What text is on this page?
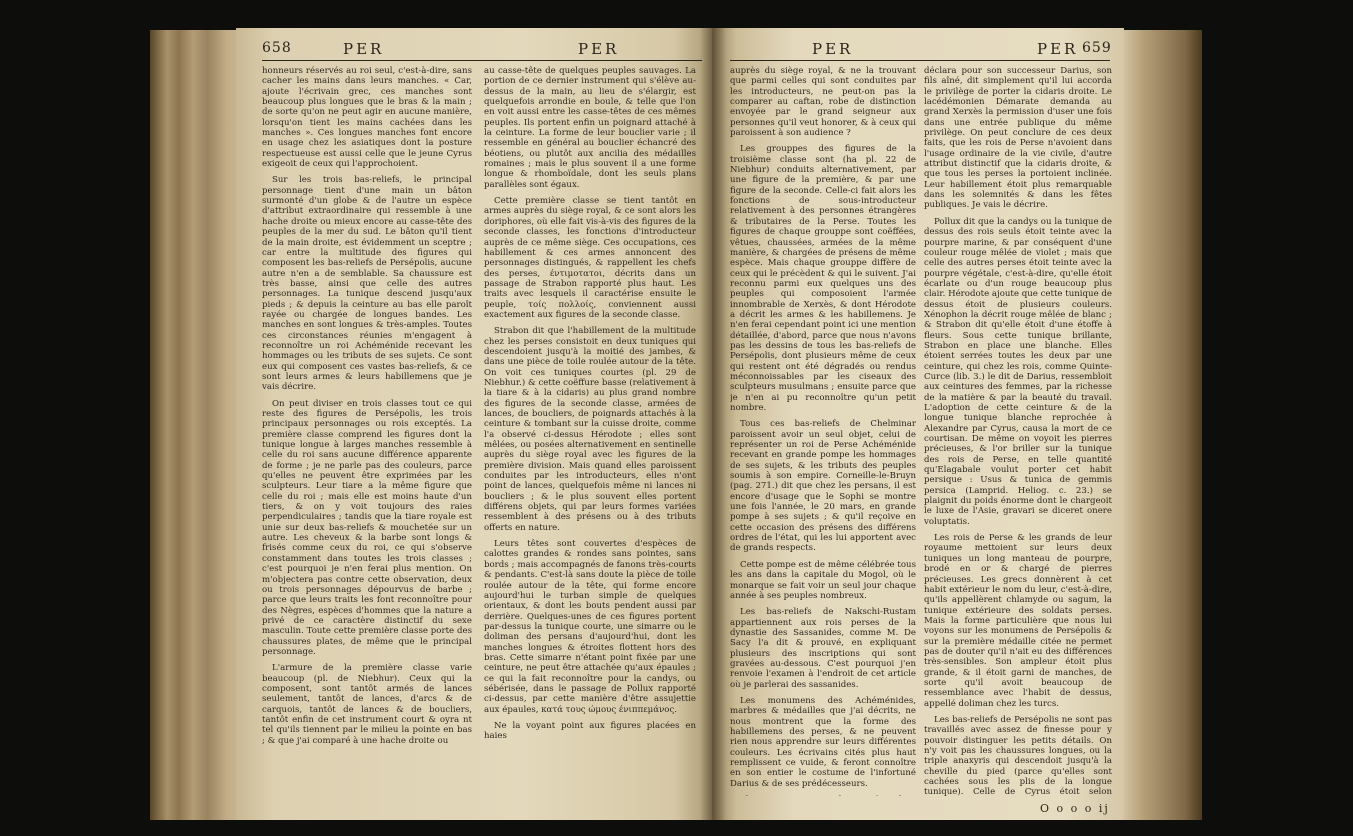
658	PER	PER	PER	PER 659

honneurs réservés au roi seul, c'est-à-dire, sans cacher les mains dans leurs manches. « Car, ajoute l'écrivain grec, ces manches sont beaucoup plus longues que le bras & la main ; de sorte qu'on ne peut agir en aucune manière, lorsqu'on tient les mains cachées dans les manches ». Ces longues manches font encore en usage chez les asiatiques dont la posture respectueuse est aussi celle que le jeune Cyrus exigeoit de ceux qui l'approchoient.

Sur les trois bas-reliefs, le principal personnage tient d'une main un bâton surmonté d'un globe & de l'autre un espèce d'attribut extraordinaire qui ressemble à une hache droite ou mieux encore au casse-tête des peuples de la mer du sud. Le bâton qu'il tient de la main droite, est évidemment un sceptre ; car entre la multitude des figures qui composent les bas-reliefs de Persépolis, aucune autre n'en a de semblable. Sa chaussure est très basse, ainsi que celle des autres personnages. La tunique descend jusqu'aux pieds ; & depuis la ceinture au bas elle paroît rayée ou chargée de longues bandes. Les manches en sont longues & très-amples. Toutes ces circonstances réunies m'engagent à reconnoître un roi Achéménide recevant les hommages ou les tributs de ses sujets. Ce sont eux qui composent ces vastes bas-reliefs, & ce sont leurs armes & leurs habillemens que je vais décrire.

On peut diviser en trois classes tout ce qui reste des figures de Persépolis, les trois principaux personnages ou rois exceptés. La première classe comprend les figures dont la tunique longue à larges manches ressemble à celle du roi sans aucune différence apparente de forme ; je ne parle pas des couleurs, parce qu'elles ne peuvent être exprimées par les sculpteurs. Leur tiare a la même figure que celle du roi ; mais elle est moins haute d'un tiers, & on y voit toujours des raies perpendiculaires ; tandis que la tiare royale est unie sur deux bas-reliefs & mouchetée sur un autre. Les cheveux & la barbe sont longs & frisés comme ceux du roi, ce qui s'observe constamment dans toutes les trois classes ; c'est pourquoi je n'en ferai plus mention. On m'objectera pas contre cette observation, deux ou trois personnages dépourvus de barbe ; parce que leurs traits les font reconnoître pour des Nègres, espèces d'hommes que la nature a privé de ce caractère distinctif du sexe masculin. Toute cette première classe porte des chaussures plates, de même que le principal personnage.

L'armure de la première classe varie beaucoup (pl. de Niebhur). Ceux qui la composent, sont tantôt armés de lances seulement, tantôt de lances, d'arcs & de carquois, tantôt de lances & de boucliers, tantôt enfin de cet instrument court & oyra nt tel qu'ils tiennent par le milieu la pointe en bas ; & que j'ai comparé à une hache droite ou

au casse-tête de quelques peuples sauvages. La portion de ce dernier instrument qui s'élève au-dessus de la main, au lieu de s'élargir, est quelquefois arrondie en boule, & telle que l'on en voit aussi entre les casse-têtes de ces mêmes peuples. Ils portent enfin un poignard attaché à la ceinture. La forme de leur bouclier varie ; il ressemble en général au bouclier échancré des béotiens, ou plutôt aux ancilia des médailles romaines ; mais le plus souvent il a une forme longue & rhomboïdale, dont les seuls plans parallèles sont égaux.

Cette première classe se tient tantôt en armes auprès du siège royal, & ce sont alors les doriphores, où elle fait vis-à-vis des figures de la seconde classes, les fonctions d'introducteur auprès de ce même siège. Ces occupations, ces habillement & ces armes annoncent des personnages distingués, & rappellent les chefs des perses, έντιμοτατοι, décrits dans un passage de Strabon rapporté plus haut. Les traits avec lesquels il caractérise ensuite le peuple, τοίς πολλοίς, conviennent aussi exactement aux figures de la seconde classe.

Strabon dit que l'habillement de la multitude chez les perses consistoit en deux tuniques qui descendoient jusqu'à la moitié des jambes, & dans une pièce de toile roulée autour de la tête. On voit ces tuniques courtes (pl. 29 de Niebhur.) & cette coëffure basse (relativement à la tiare & à la cidaris) au plus grand nombre des figures de la seconde classe, armées de lances, de boucliers, de poignards attachés à la ceinture & tombant sur la cuisse droite, comme l'a observé ci-dessus Hérodote ; elles sont mêlées, ou posées alternativement en sentinelle auprès du siège royal avec les figures de la première division. Mais quand elles paroissent conduites par les introducteurs, elles n'ont point de lances, quelquefois même ni lances ni boucliers ; & le plus souvent elles portent différens objets, qui par leurs formes variées ressemblent à des présens ou à des tributs offerts en nature.

Leurs têtes sont couvertes d'espèces de calottes grandes & rondes sans pointes, sans bords ; mais accompagnés de fanons très-courts & pendants. C'est-là sans doute la pièce de toile roulée autour de la tête, qui forme encore aujourd'hui le turban simple de quelques orientaux, & dont les bouts pendent aussi par derrière. Quelques-unes de ces figures portent par-dessus la tunique courte, une simarre ou le doliman des persans d'aujourd'hui, dont les manches longues & étroites flottent hors des bras. Cette simarre n'étant point fixée par une ceinture, ne peut être attachée qu'aux épaules ; ce qui la fait reconnoître pour la candys, ou sébérisée, dans le passage de Pollux rapporté ci-dessus, par cette manière d'être assujettie aux épaules, κατά τους ώμους ένιππεμάνος.

Ne la voyant point aux figures placées en haies

auprès du siège royal, & ne la trouvant que parmi celles qui sont conduites par les introducteurs, ne peut-on pas la comparer au caftan, robe de distinction envoyée par le grand seigneur aux personnes qu'il veut honorer, & à ceux qui paroissent à son audience ?

Les grouppes des figures de la troisième classe sont (ha pl. 22 de Niebhur) conduits alternativement, par une figure de la première, & par une figure de la seconde. Celle-ci fait alors les fonctions de sous-introducteur relativement à des personnes étrangères & tributaires de la Perse. Toutes les figures de chaque grouppe sont coëffées, vêtues, chaussées, armées de la même manière, & chargées de présens de même espèce. Mais chaque grouppe diffère de ceux qui le précèdent & qui le suivent. J'ai reconnu parmi eux quelques uns des peuples qui composoient l'armée innombrable de Xerxès, & dont Hérodote a décrit les armes & les habillemens. Je n'en ferai cependant point ici une mention détaillée, d'abord, parce que nous n'avons pas les dessins de tous les bas-reliefs de Persépolis, dont plusieurs même de ceux qui restent ont été dégradés ou rendus méconnoissables par les ciseaux des sculpteurs musulmans ; ensuite parce que je n'en ai pu reconnoître qu'un petit nombre.

Tous ces bas-reliefs de Chelminar paroissent avoir un seul objet, celui de représenter un roi de Perse Achéménide recevant en grande pompe les hommages de ses sujets, & les tributs des peuples soumis à son empire. Corneille-le-Bruyn (pag. 271.) dit que chez les persans, il est encore d'usage que le Sophi se montre une fois l'année, le 20 mars, en grande pompe à ses sujets ; & qu'il reçoive en cette occasion des présens des différens ordres de l'état, qui les lui apportent avec de grands respects.

Cette pompe est de même célébrée tous les ans dans la capitale du Mogol, où le monarque se fait voir un seul jour chaque année à ses peuples nombreux.

Les bas-reliefs de Nakschi-Rustam appartiennent aux rois perses de la dynastie des Sassanides, comme M. De Sacy l'a dit & prouvé, en expliquant plusieurs des inscriptions qui sont gravées au-dessous. C'est pourquoi j'en renvoie l'examen à l'endroit de cet article où je parlerai des sassanides.

Les monumens des Achéménides, marbres & médailles que j'ai décrits, ne nous montrent que la forme des habillemens des perses, & ne peuvent rien nous apprendre sur leurs différentes couleurs. Les écrivains cités plus haut remplissent ce vuide, & feront connoître en son entier le costume de l'infortuné Darius & de ses prédécesseurs.

déclara pour son successeur Darius, son fils aîné, dit simplement qu'il lui accorda le privilège de porter la cidaris droite. Le lacédémonien Démarate demanda au grand Xerxès la permission d'user une fois dans une entrée publique du même privilège. On peut conclure de ces deux faits, que les rois de Perse n'avoient dans l'usage ordinaire de la vie civile, d'autre attribut distinctif que la cidaris droite, & que tous les perses la portoient inclinée. Leur habillement étoit plus remarquable dans les solemnités & dans les fêtes publiques. Je vais le décrire.

Pollux dit que la candys ou la tunique de dessus des rois seuls étoit teinte avec la pourpre marine, & par conséquent d'une couleur rouge mêlée de violet ; mais que celle des autres perses étoit teinte avec la pourpre végétale, c'est-à-dire, qu'elle étoit écarlate ou d'un rouge beaucoup plus clair. Hérodote ajoute que cette tunique de dessus étoit de plusieurs couleurs. Xénophon la décrit rouge mêlée de blanc ; & Strabon dit qu'elle étoit d'une étoffe à fleurs. Sous cette tunique brillante, Strabon en place une blanche. Elles étoient serrées toutes les deux par une ceinture, qui chez les rois, comme Quinte-Curce (lib. 3.) le dit de Darius, ressembloit aux ceintures des femmes, par la richesse de la matière & par la beauté du travail. L'adoption de cette ceinture & de la longue tunique blanche reprochée à Alexandre par Cyrus, causa la mort de ce courtisan. De même on voyoit les pierres précieuses, & l'or briller sur la tunique des rois de Perse, en telle quantité qu'Elagabale voulut porter cet habit persique : Usus & tunica de gemmis persica (Lamprid. Heliog. c. 23.) se plaignit du poids énorme dont le chargeoit le luxe de l'Asie, gravari se diceret onere voluptatis.

Les rois de Perse & les grands de leur royaume mettoient sur leurs deux tuniques un long manteau de pourpre, brodé en or & chargé de pierres précieuses. Les grecs donnèrent à cet habit extérieur le nom du leur, c'est-à-dire, qu'ils appellèrent chlamyde ou sagum, la tunique extérieure des soldats perses. Mais la forme particulière que nous lui voyons sur les monumens de Persépolis & sur la première médaille citée ne permet pas de douter qu'il n'ait eu des différences très-sensibles. Son ampleur étoit plus grande, & il étoit garni de manches, de sorte qu'il avoit beaucoup de ressemblance avec l'habit de dessus, appellé doliman chez les turcs.

Les bas-reliefs de Persépolis ne sont pas travaillés avec assez de finesse pour y pouvoir distinguer les petits détails. On n'y voit pas les chaussures longues, ou la triple anaxyris qui descendoit jusqu'à la cheville du pied (parce qu'elles sont cachées sous les plis de la longue tunique). Celle de Cyrus étoit selon

O o o o ij
